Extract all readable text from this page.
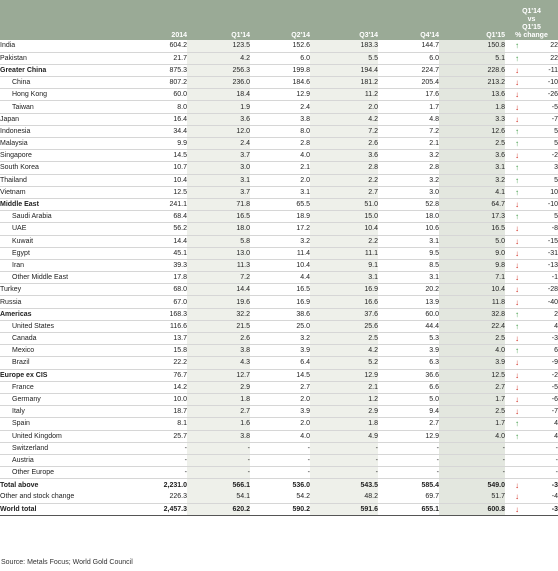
	2014	Q1'14	Q2'14	Q3'14	Q4'14	Q1'15	Q1'14
vs
Q1'15
% change	

India	604.2	123.5	152.6	183.3	144.7	150.8	↑	22
Pakistan	21.7	4.2	6.0	5.5	6.0	5.1	↑	22
Greater China	875.3	256.3	199.8	194.4	224.7	228.6	↓	-11
China	807.2	236.0	184.6	181.2	205.4	213.2	↓	-10
Hong Kong	60.0	18.4	12.9	11.2	17.6	13.6	↓	-26
Taiwan	8.0	1.9	2.4	2.0	1.7	1.8	↓	-5
Japan	16.4	3.6	3.8	4.2	4.8	3.3	↓	-7
Indonesia	34.4	12.0	8.0	7.2	7.2	12.6	↑	5
Malaysia	9.9	2.4	2.8	2.6	2.1	2.5	↑	5
Singapore	14.5	3.7	4.0	3.6	3.2	3.6	↓	-2
South Korea	10.7	3.0	2.1	2.8	2.8	3.1	↑	3
Thailand	10.4	3.1	2.0	2.2	3.2	3.2	↑	5
Vietnam	12.5	3.7	3.1	2.7	3.0	4.1	↑	10
Middle East	241.1	71.8	65.5	51.0	52.8	64.7	↓	-10
Saudi Arabia	68.4	16.5	18.9	15.0	18.0	17.3	↑	5
UAE	56.2	18.0	17.2	10.4	10.6	16.5	↓	-8
Kuwait	14.4	5.8	3.2	2.2	3.1	5.0	↓	-15
Egypt	45.1	13.0	11.4	11.1	9.5	9.0	↓	-31
Iran	39.3	11.3	10.4	9.1	8.5	9.8	↓	-13
Other Middle East	17.8	7.2	4.4	3.1	3.1	7.1	↓	-1
Turkey	68.0	14.4	16.5	16.9	20.2	10.4	↓	-28
Russia	67.0	19.6	16.9	16.6	13.9	11.8	↓	-40
Americas	168.3	32.2	38.6	37.6	60.0	32.8	↑	2
United States	116.6	21.5	25.0	25.6	44.4	22.4	↑	4
Canada	13.7	2.6	3.2	2.5	5.3	2.5	↓	-3
Mexico	15.8	3.8	3.9	4.2	3.9	4.0	↑	6
Brazil	22.2	4.3	6.4	5.2	6.3	3.9	↓	-9
Europe ex CIS	76.7	12.7	14.5	12.9	36.6	12.5	↓	-2
France	14.2	2.9	2.7	2.1	6.6	2.7	↓	-5
Germany	10.0	1.8	2.0	1.2	5.0	1.7	↓	-6
Italy	18.7	2.7	3.9	2.9	9.4	2.5	↓	-7
Spain	8.1	1.6	2.0	1.8	2.7	1.7	↑	4
United Kingdom	25.7	3.8	4.0	4.9	12.9	4.0	↑	4
Switzerland	-	-	-	-	-	-		-
Austria	-	-	-	-	-	-		-
Other Europe	-	-	-	-	-	-		-
Total above	2,231.0	566.1	536.0	543.5	585.4	549.0	↓	-3
Other and stock change	226.3	54.1	54.2	48.2	69.7	51.7	↓	-4
World total	2,457.3	620.2	590.2	591.6	655.1	600.8	↓	-3
Source: Metals Focus; World Gold Council
